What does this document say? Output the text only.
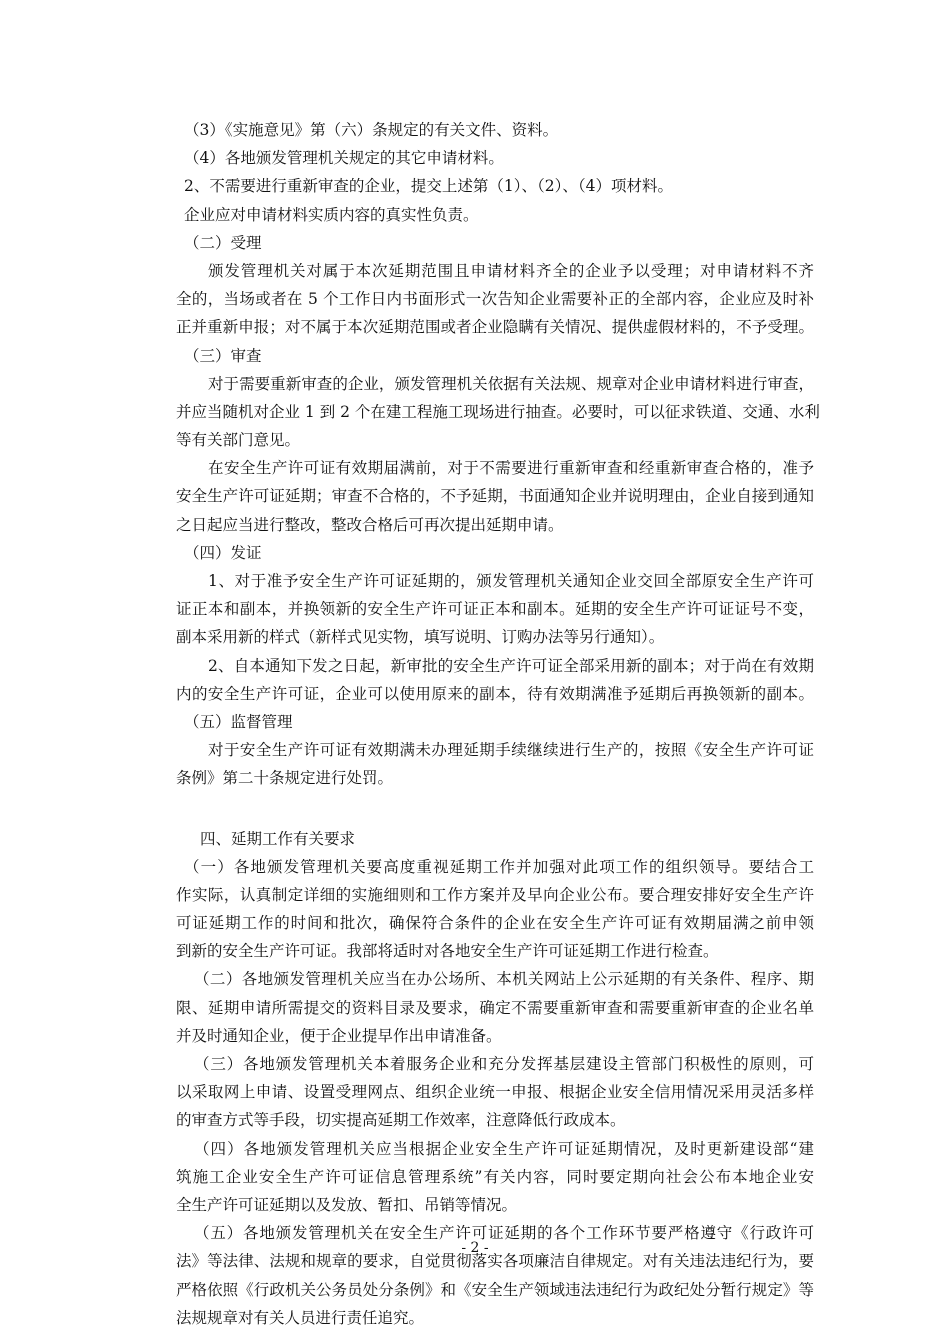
（3）《实施意见》第（六）条规定的有关文件、资料。
（4）各地颁发管理机关规定的其它申请材料。
2、不需要进行重新审查的企业，提交上述第（1）、（2）、（4）项材料。
企业应对申请材料实质内容的真实性负责。
（二）受理
颁发管理机关对属于本次延期范围且申请材料齐全的企业予以受理；对申请材料不齐
全的，当场或者在 5 个工作日内书面形式一次告知企业需要补正的全部内容，企业应及时补
正并重新申报；对不属于本次延期范围或者企业隐瞒有关情况、提供虚假材料的，不予受理。
（三）审查
对于需要重新审查的企业，颁发管理机关依据有关法规、规章对企业申请材料进行审查，
并应当随机对企业 1 到 2 个在建工程施工现场进行抽查。必要时，可以征求铁道、交通、水利
等有关部门意见。
在安全生产许可证有效期届满前，对于不需要进行重新审查和经重新审查合格的，准予
安全生产许可证延期；审查不合格的，不予延期，书面通知企业并说明理由，企业自接到通知
之日起应当进行整改，整改合格后可再次提出延期申请。
（四）发证
1、对于准予安全生产许可证延期的，颁发管理机关通知企业交回全部原安全生产许可
证正本和副本，并换领新的安全生产许可证正本和副本。延期的安全生产许可证证号不变，
副本采用新的样式（新样式见实物，填写说明、订购办法等另行通知）。
2、自本通知下发之日起，新审批的安全生产许可证全部采用新的副本；对于尚在有效期
内的安全生产许可证，企业可以使用原来的副本，待有效期满准予延期后再换领新的副本。
（五）监督管理
对于安全生产许可证有效期满未办理延期手续继续进行生产的，按照《安全生产许可证
条例》第二十条规定进行处罚。
四、延期工作有关要求
（一）各地颁发管理机关要高度重视延期工作并加强对此项工作的组织领导。要结合工
作实际，认真制定详细的实施细则和工作方案并及早向企业公布。要合理安排好安全生产许
可证延期工作的时间和批次，确保符合条件的企业在安全生产许可证有效期届满之前申领
到新的安全生产许可证。我部将适时对各地安全生产许可证延期工作进行检查。
（二）各地颁发管理机关应当在办公场所、本机关网站上公示延期的有关条件、程序、期
限、延期申请所需提交的资料目录及要求，确定不需要重新审查和需要重新审查的企业名单
并及时通知企业，便于企业提早作出申请准备。
（三）各地颁发管理机关本着服务企业和充分发挥基层建设主管部门积极性的原则，可
以采取网上申请、设置受理网点、组织企业统一申报、根据企业安全信用情况采用灵活多样
的审查方式等手段，切实提高延期工作效率，注意降低行政成本。
（四）各地颁发管理机关应当根据企业安全生产许可证延期情况，及时更新建设部“建
筑施工企业安全生产许可证信息管理系统”有关内容，同时要定期向社会公布本地企业安
全生产许可证延期以及发放、暂扣、吊销等情况。
（五）各地颁发管理机关在安全生产许可证延期的各个工作环节要严格遵守《行政许可
法》等法律、法规和规章的要求，自觉贯彻落实各项廉洁自律规定。对有关违法违纪行为，要
严格依照《行政机关公务员处分条例》和《安全生产领域违法违纪行为政纪处分暂行规定》等
法规规章对有关人员进行责任追究。
- 2 -
